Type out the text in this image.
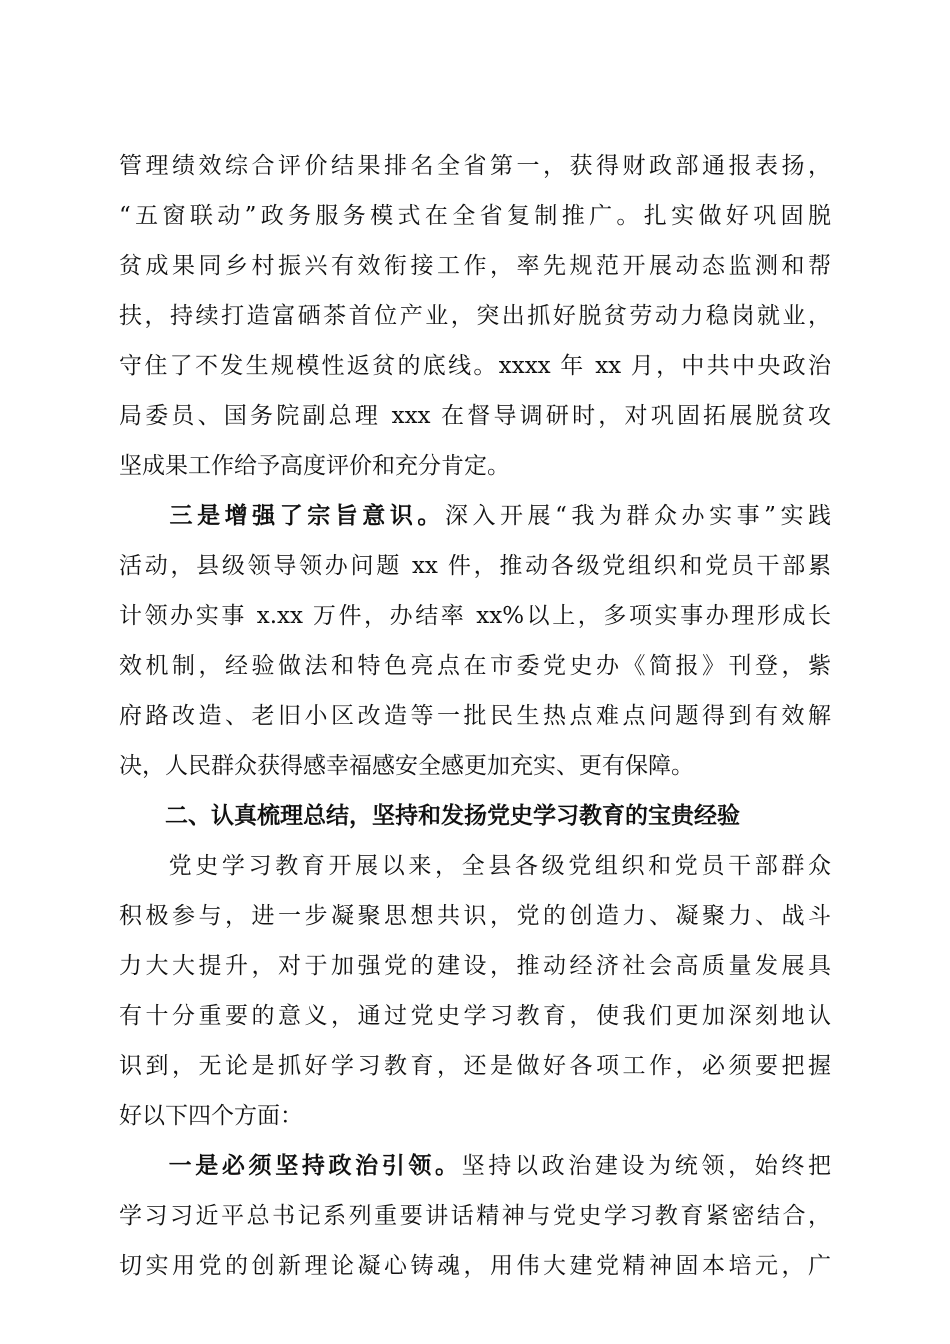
管理绩效综合评价结果排名全省第一，获得财政部通报表扬，
“五窗联动”政务服务模式在全省复制推广。扎实做好巩固脱
贫成果同乡村振兴有效衔接工作，率先规范开展动态监测和帮
扶，持续打造富硒茶首位产业，突出抓好脱贫劳动力稳岗就业，
守住了不发生规模性返贫的底线。xxxx 年 xx 月，中共中央政治
局委员、国务院副总理 xxx 在督导调研时，对巩固拓展脱贫攻
坚成果工作给予高度评价和充分肯定。
三是增强了宗旨意识。深入开展“我为群众办实事”实践
活动，县级领导领办问题 xx 件，推动各级党组织和党员干部累
计领办实事 x.xx 万件，办结率 xx%以上，多项实事办理形成长
效机制，经验做法和特色亮点在市委党史办《简报》刊登，紫
府路改造、老旧小区改造等一批民生热点难点问题得到有效解
决，人民群众获得感幸福感安全感更加充实、更有保障。
二、认真梳理总结，坚持和发扬党史学习教育的宝贵经验
党史学习教育开展以来，全县各级党组织和党员干部群众
积极参与，进一步凝聚思想共识，党的创造力、凝聚力、战斗
力大大提升，对于加强党的建设，推动经济社会高质量发展具
有十分重要的意义，通过党史学习教育，使我们更加深刻地认
识到，无论是抓好学习教育，还是做好各项工作，必须要把握
好以下四个方面：
一是必须坚持政治引领。坚持以政治建设为统领，始终把
学习习近平总书记系列重要讲话精神与党史学习教育紧密结合，
切实用党的创新理论凝心铸魂，用伟大建党精神固本培元，广
